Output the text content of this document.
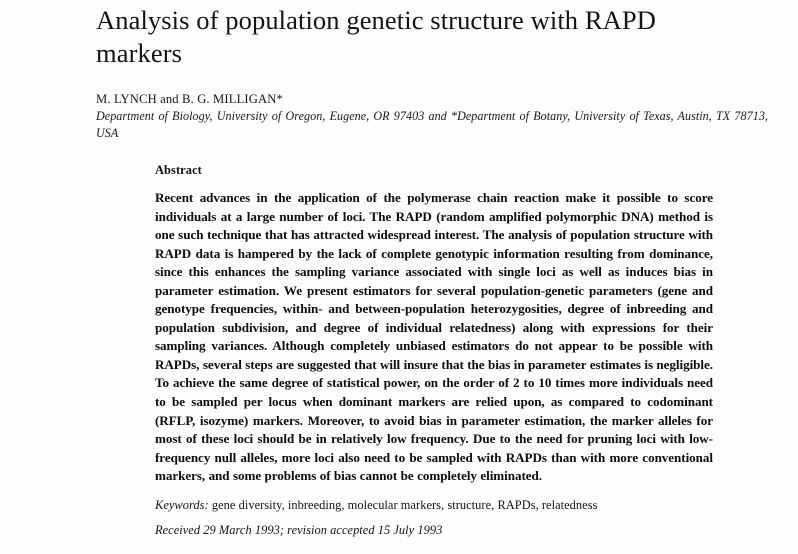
Analysis of population genetic structure with RAPD markers
M. LYNCH and B. G. MILLIGAN*
Department of Biology, University of Oregon, Eugene, OR 97403 and *Department of Botany, University of Texas, Austin, TX 78713, USA
Abstract

Recent advances in the application of the polymerase chain reaction make it possible to score individuals at a large number of loci. The RAPD (random amplified polymorphic DNA) method is one such technique that has attracted widespread interest. The analysis of population structure with RAPD data is hampered by the lack of complete genotypic information resulting from dominance, since this enhances the sampling variance associated with single loci as well as induces bias in parameter estimation. We present estimators for several population-genetic parameters (gene and genotype frequencies, within- and between-population heterozygosities, degree of inbreeding and population subdivision, and degree of individual relatedness) along with expressions for their sampling variances. Although completely unbiased estimators do not appear to be possible with RAPDs, several steps are suggested that will insure that the bias in parameter estimates is negligible. To achieve the same degree of statistical power, on the order of 2 to 10 times more individuals need to be sampled per locus when dominant markers are relied upon, as compared to codominant (RFLP, isozyme) markers. Moreover, to avoid bias in parameter estimation, the marker alleles for most of these loci should be in relatively low frequency. Due to the need for pruning loci with low-frequency null alleles, more loci also need to be sampled with RAPDs than with more conventional markers, and some problems of bias cannot be completely eliminated.

Keywords: gene diversity, inbreeding, molecular markers, structure, RAPDs, relatedness
Received 29 March 1993; revision accepted 15 July 1993
